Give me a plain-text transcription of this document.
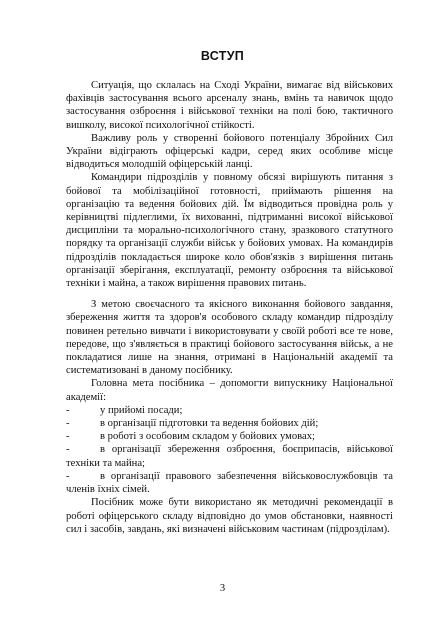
ВСТУП

Ситуація, що склалась на Сході України, вимагає від військових фахівців застосування всього арсеналу знань, вмінь та навичок щодо застосування озброєння і військової техніки на полі бою, тактичного вишколу, високої психологічної стійкості.

Важливу роль у створенні бойового потенціалу Збройних Сил України відіграють офіцерські кадри, серед яких особливе місце відводиться молодшій офіцерській ланці.

Командири підрозділів у повному обсязі вирішують питання з бойової та мобілізаційної готовності, приймають рішення на організацію та ведення бойових дій. Їм відводиться провідна роль у керівництві підлеглими, їх вихованні, підтриманні високої військової дисципліни та морально-психологічного стану, зразкового статутного порядку та організації служби військ у бойових умовах. На командирів підрозділів покладається широке коло обов'язків з вирішення питань організації зберігання, експлуатації, ремонту озброєння та військової техніки і майна, а також вирішення правових питань.

З метою своєчасного та якісного виконання бойового завдання, збереження життя та здоров'я особового складу командир підрозділу повинен ретельно вивчати і використовувати у своїй роботі все те нове, передове, що з'являється в практиці бойового застосування військ, а не покладатися лише на знання, отримані в Національній академії та систематизовані в даному посібнику.

Головна мета посібника – допомогти випускнику Національної академії:

-	у прийомі посади;
-	в організації підготовки та ведення бойових дій;
-	в роботі з особовим складом у бойових умовах;
-	в організації збереження озброєння, боєприпасів, військової техніки та майна;
-	в організації правового забезпечення військовослужбовців та членів їхніх сімей.

Посібник може бути використано як методичні рекомендації в роботі офіцерського складу відповідно до умов обстановки, наявності сил і засобів, завдань, які визначені військовим частинам (підрозділам).

3
